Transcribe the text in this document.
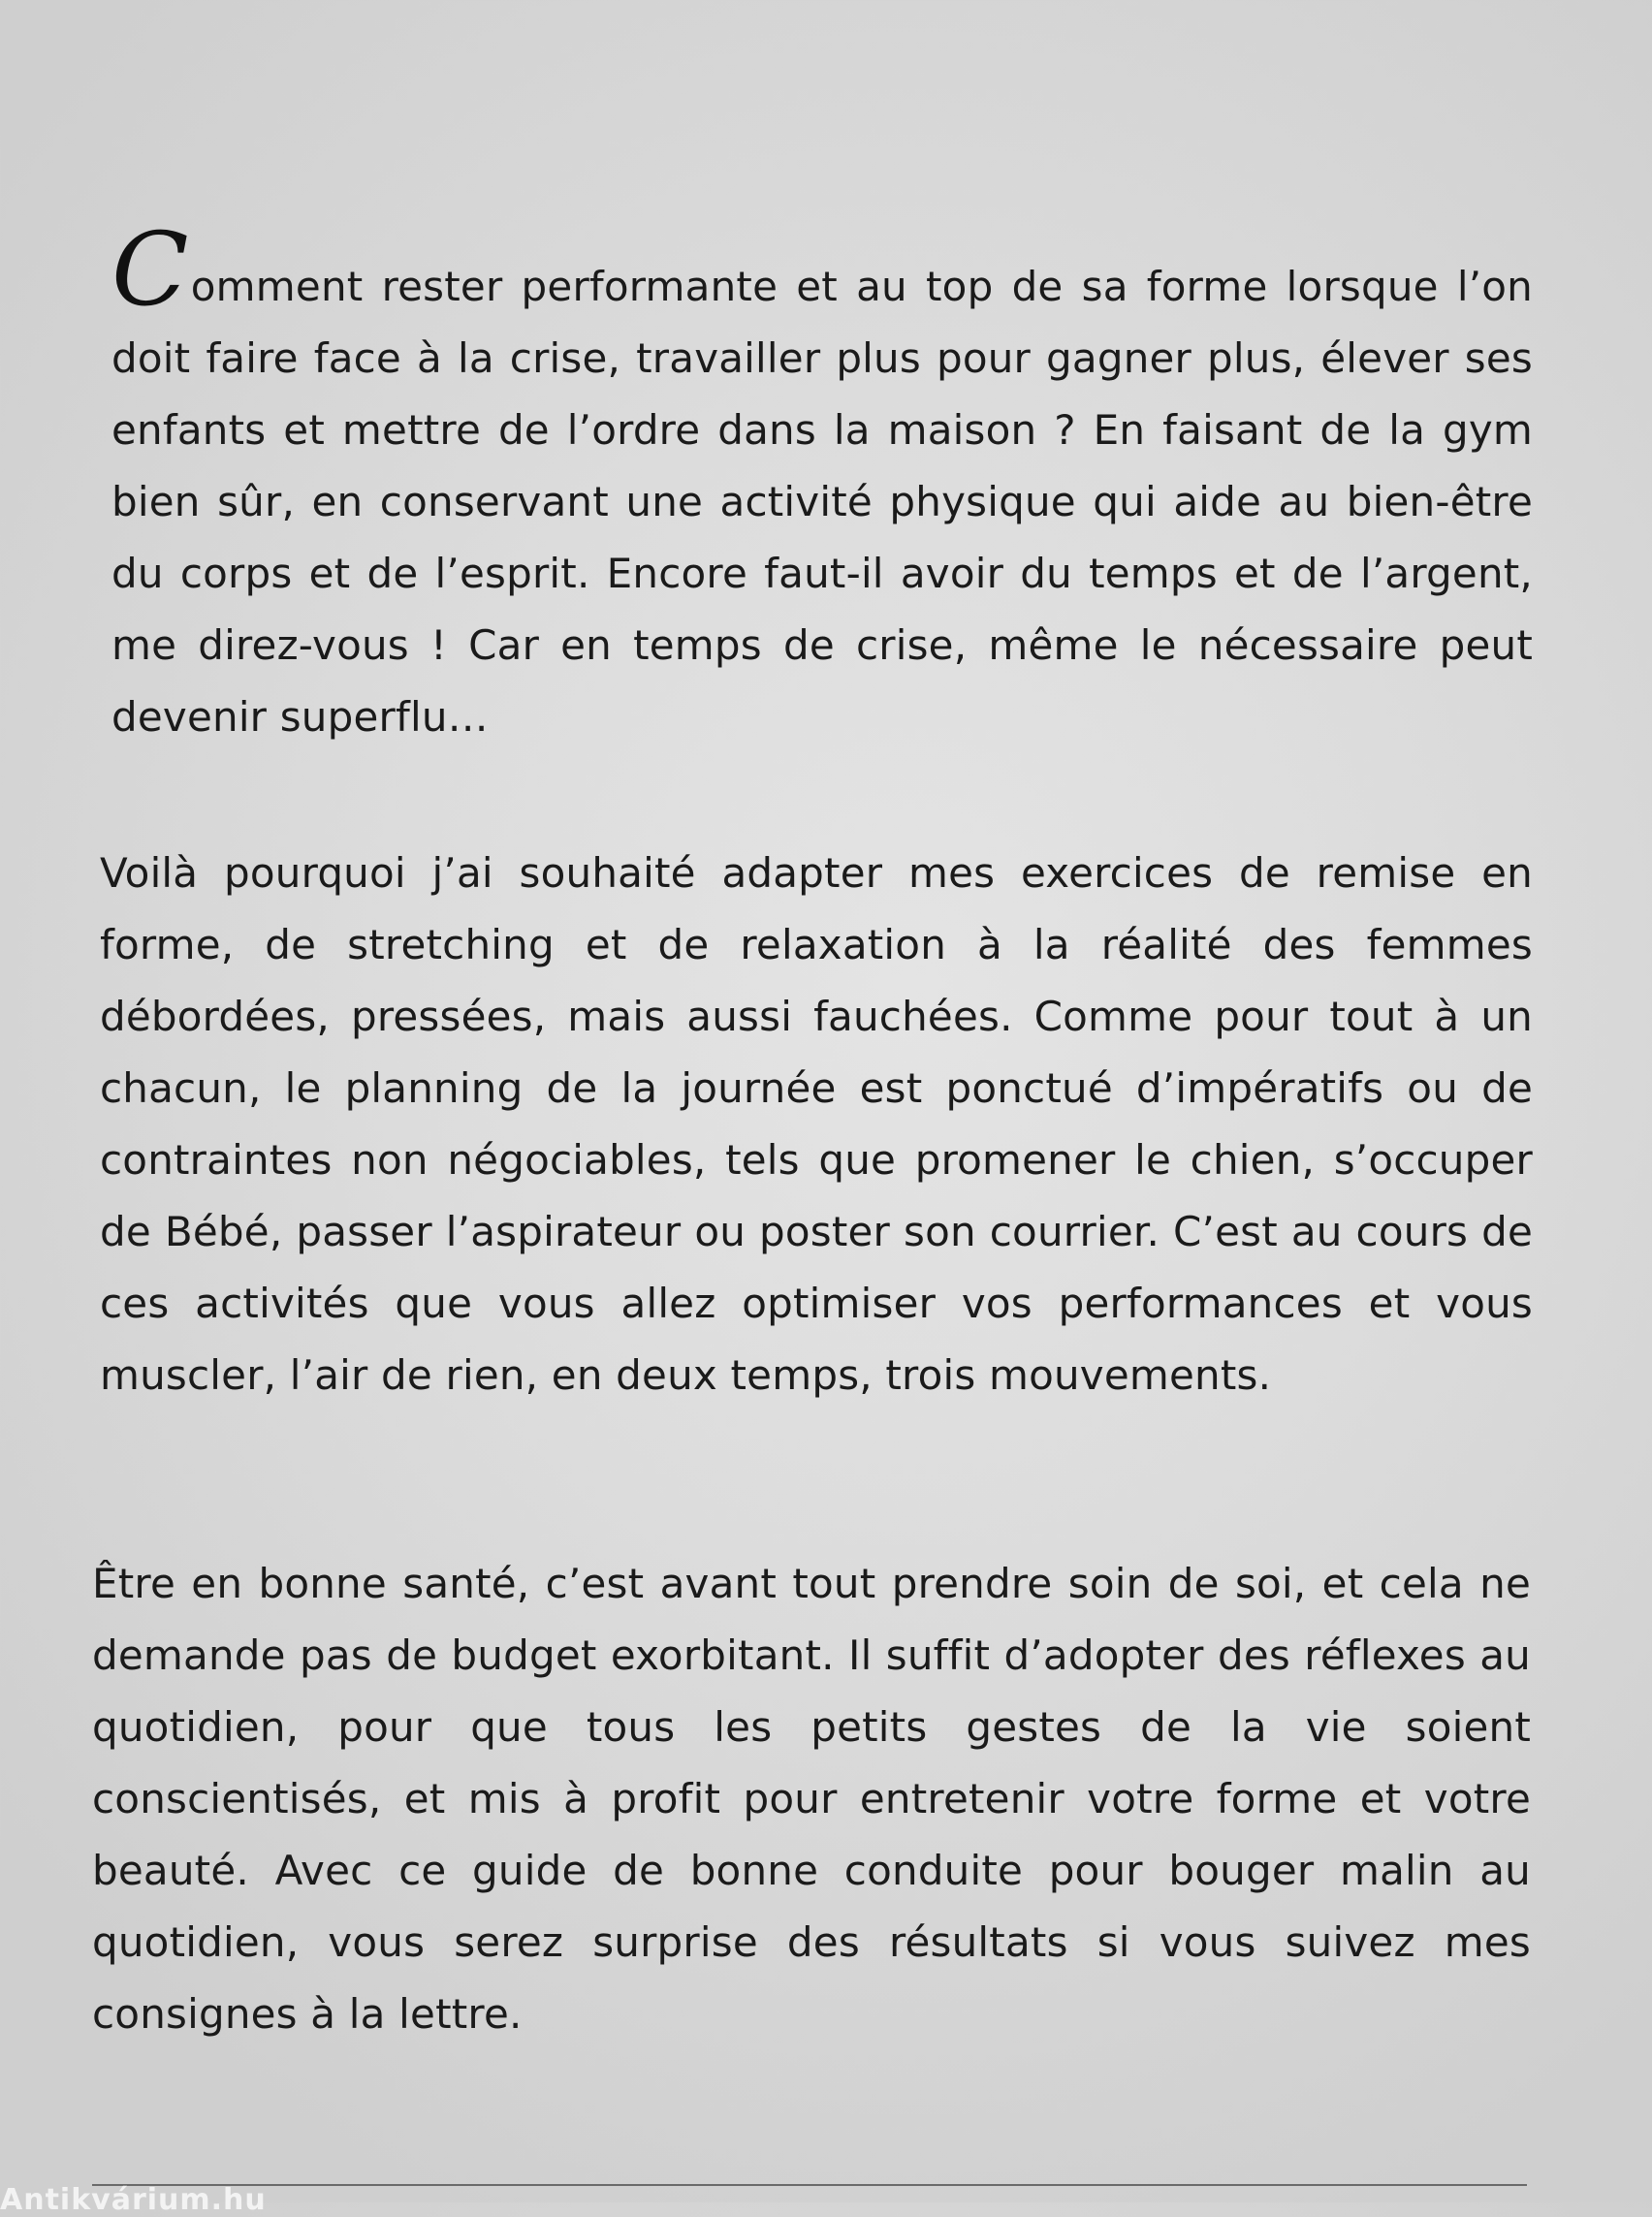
Comment rester performante et au top de sa forme lorsque l’on doit faire face à la crise, travailler plus pour gagner plus, élever ses enfants et mettre de l’ordre dans la maison ? En faisant de la gym bien sûr, en conservant une activité physique qui aide au bien-être du corps et de l’esprit. Encore faut-il avoir du temps et de l’argent, me direz-vous ! Car en temps de crise, même le nécessaire peut devenir superflu…

Voilà pourquoi j’ai souhaité adapter mes exercices de remise en forme, de stretching et de relaxation à la réalité des femmes débordées, pressées, mais aussi fauchées. Comme pour tout à un chacun, le planning de la journée est ponctué d’impératifs ou de contraintes non négociables, tels que promener le chien, s’occuper de Bébé, passer l’aspirateur ou poster son courrier. C’est au cours de ces activités que vous allez optimiser vos performances et vous muscler, l’air de rien, en deux temps, trois mouvements.

Être en bonne santé, c’est avant tout prendre soin de soi, et cela ne demande pas de budget exorbitant. Il suffit d’adopter des réflexes au quotidien, pour que tous les petits gestes de la vie soient conscientisés, et mis à profit pour entretenir votre forme et votre beauté. Avec ce guide de bonne conduite pour bouger malin au quotidien, vous serez surprise des résultats si vous suivez mes consignes à la lettre.

Antikvárium.hu
